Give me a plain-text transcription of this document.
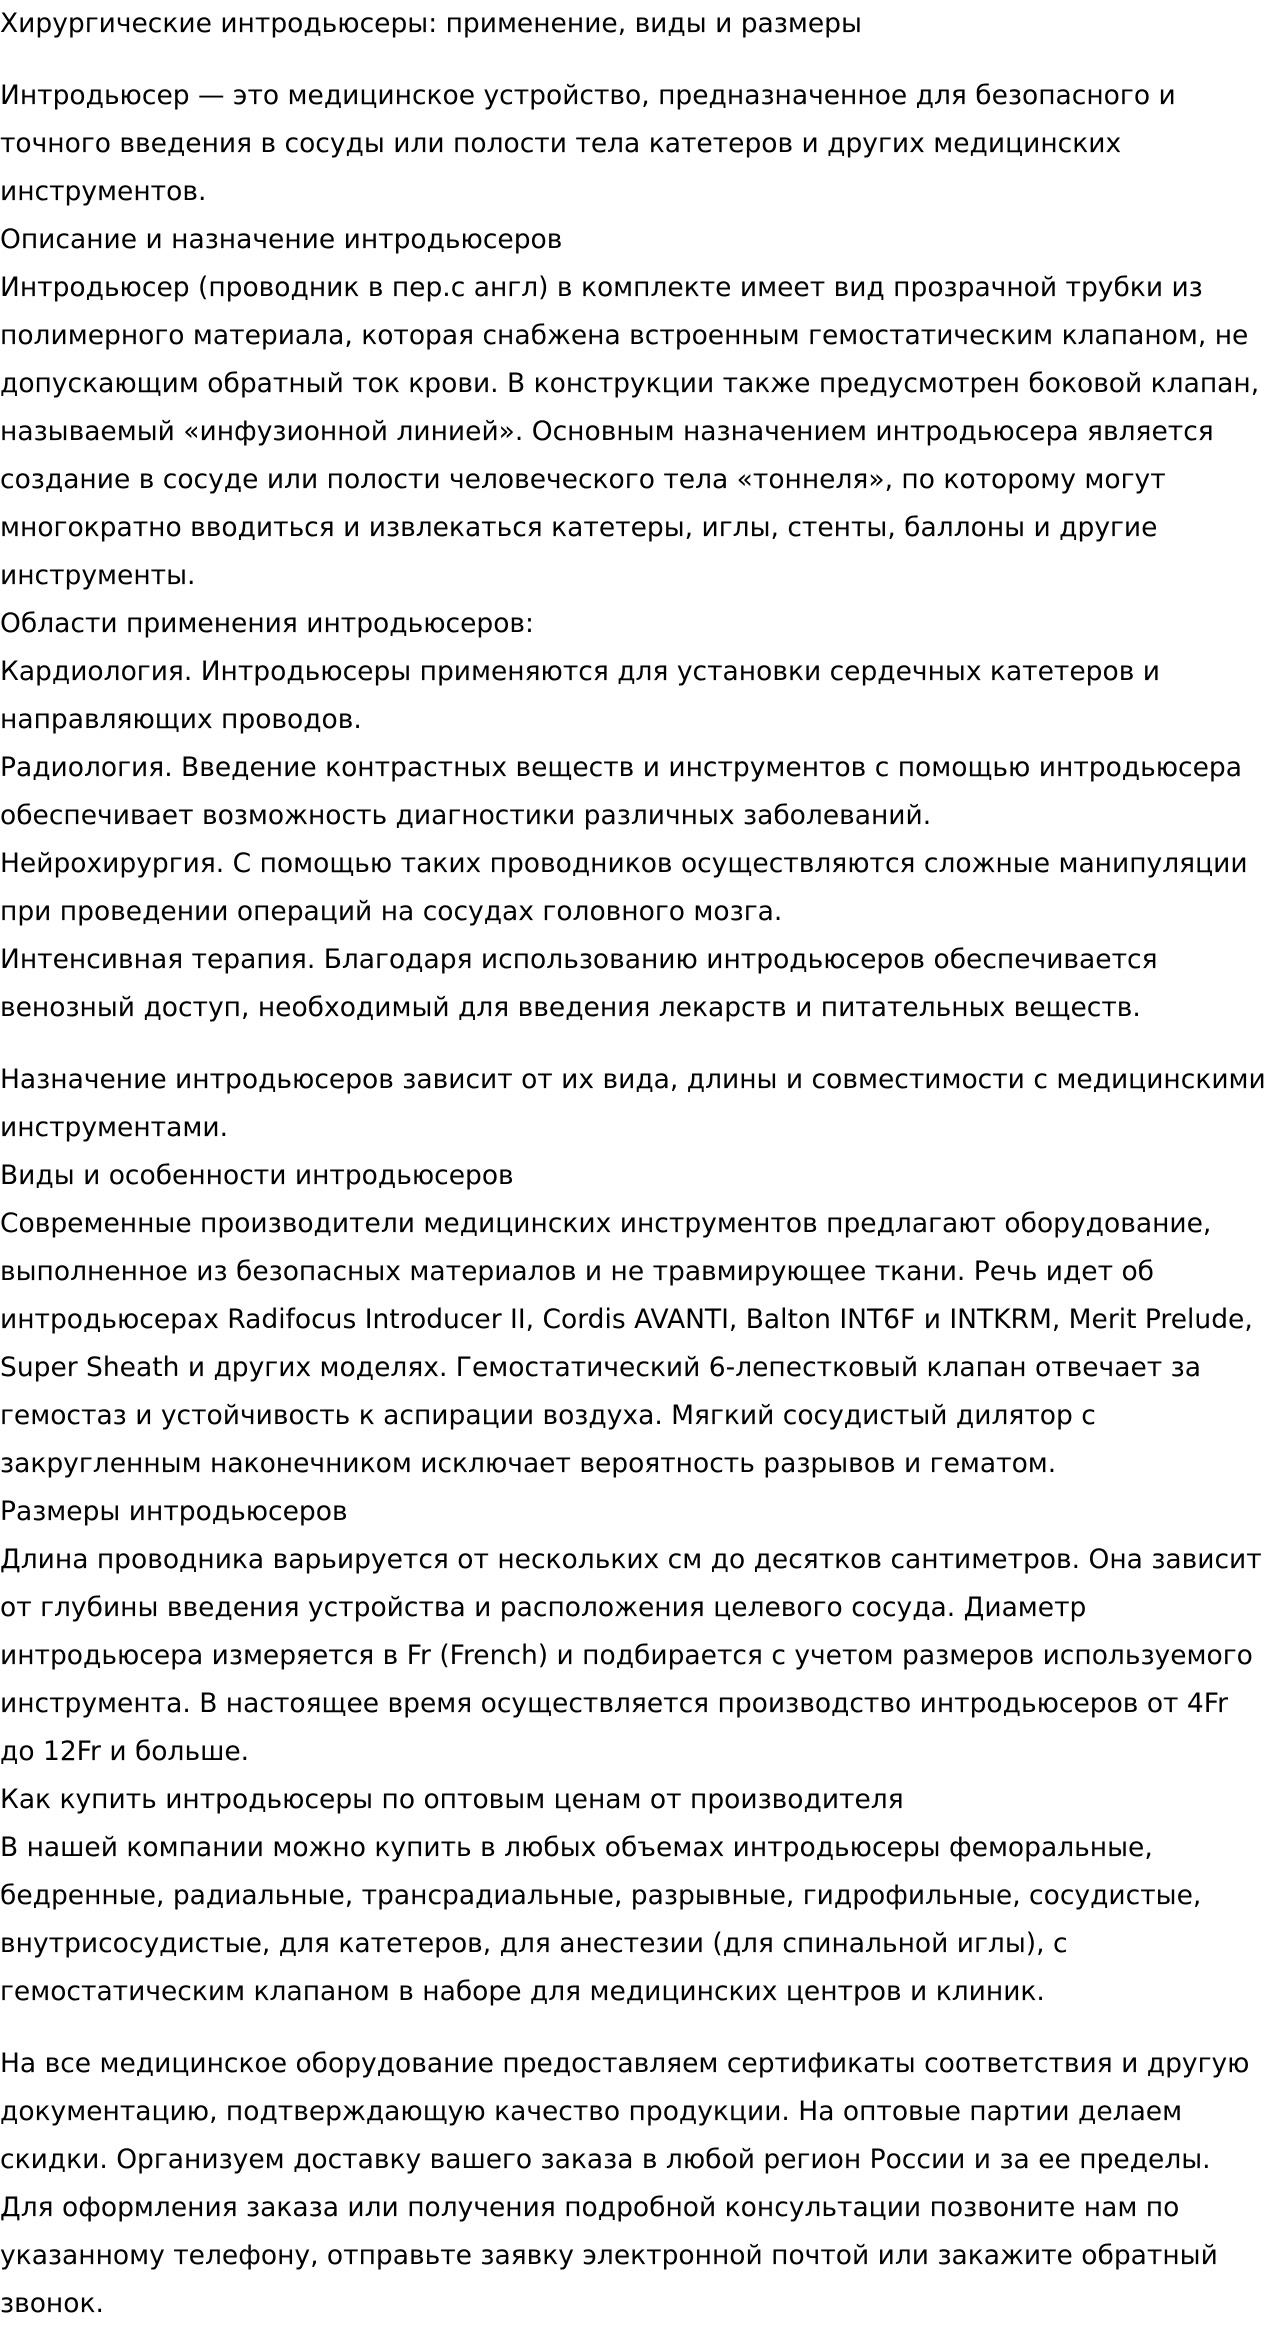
Хирургические интродьюсеры: применение, виды и размеры
Интродьюсер — это медицинское устройство, предназначенное для безопасного и точного введения в сосуды или полости тела катетеров и других медицинских инструментов.
Описание и назначение интродьюсеров
Интродьюсер (проводник в пер.с англ) в комплекте имеет вид прозрачной трубки из полимерного материала, которая снабжена встроенным гемостатическим клапаном, не допускающим обратный ток крови. В конструкции также предусмотрен боковой клапан, называемый «инфузионной линией». Основным назначением интродьюсера является создание в сосуде или полости человеческого тела «тоннеля», по которому могут многократно вводиться и извлекаться катетеры, иглы, стенты, баллоны и другие инструменты.
Области применения интродьюсеров:
Кардиология. Интродьюсеры применяются для установки сердечных катетеров и направляющих проводов.
Радиология. Введение контрастных веществ и инструментов с помощью интродьюсера обеспечивает возможность диагностики различных заболеваний.
Нейрохирургия. С помощью таких проводников осуществляются сложные манипуляции при проведении операций на сосудах головного мозга.
Интенсивная терапия. Благодаря использованию интродьюсеров обеспечивается венозный доступ, необходимый для введения лекарств и питательных веществ.
Назначение интродьюсеров зависит от их вида, длины и совместимости с медицинскими инструментами.
Виды и особенности интродьюсеров
Современные производители медицинских инструментов предлагают оборудование, выполненное из безопасных материалов и не травмирующее ткани. Речь идет об интродьюсерах Radifocus Introducer II, Cordis AVANTI, Balton INT6F и INTKRM, Merit Prelude, Super Sheath и других моделях. Гемостатический 6-лепестковый клапан отвечает за гемостаз и устойчивость к аспирации воздуха. Мягкий сосудистый дилятор с закругленным наконечником исключает вероятность разрывов и гематом.
Размеры интродьюсеров
Длина проводника варьируется от нескольких см до десятков сантиметров. Она зависит от глубины введения устройства и расположения целевого сосуда. Диаметр интродьюсера измеряется в Fr (French) и подбирается с учетом размеров используемого инструмента. В настоящее время осуществляется производство интродьюсеров от 4Fr до 12Fr и больше.
Как купить интродьюсеры по оптовым ценам от производителя
В нашей компании можно купить в любых объемах интродьюсеры феморальные, бедренные, радиальные, трансрадиальные, разрывные, гидрофильные, сосудистые, внутрисосудистые, для катетеров, для анестезии (для спинальной иглы), с гемостатическим клапаном в наборе для медицинских центров и клиник.
На все медицинское оборудование предоставляем сертификаты соответствия и другую документацию, подтверждающую качество продукции. На оптовые партии делаем скидки. Организуем доставку вашего заказа в любой регион России и за ее пределы. Для оформления заказа или получения подробной консультации позвоните нам по указанному телефону, отправьте заявку электронной почтой или закажите обратный звонок.
